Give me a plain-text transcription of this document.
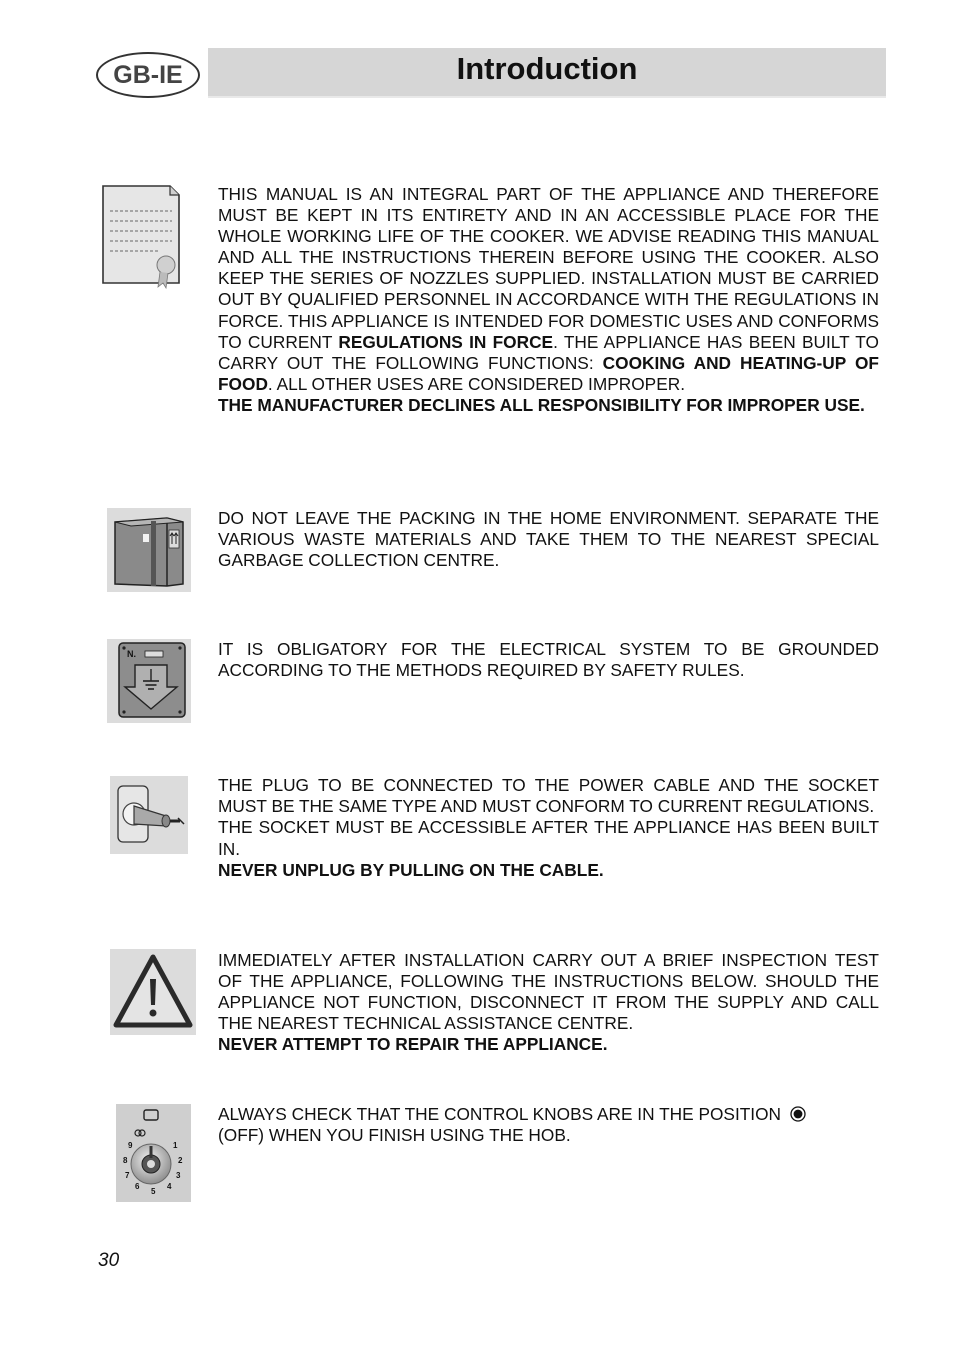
GB-IE	Introduction

THIS MANUAL IS AN INTEGRAL PART OF THE APPLIANCE AND THEREFORE MUST BE KEPT IN ITS ENTIRETY AND IN AN ACCESSIBLE PLACE FOR THE WHOLE WORKING LIFE OF THE COOKER. WE ADVISE READING THIS MANUAL AND ALL THE INSTRUCTIONS THEREIN BEFORE USING THE COOKER. ALSO KEEP THE SERIES OF NOZZLES SUPPLIED. INSTALLATION MUST BE CARRIED OUT BY QUALIFIED PERSONNEL IN ACCORDANCE WITH THE REGULATIONS IN FORCE. THIS APPLIANCE IS INTENDED FOR DOMESTIC USES AND CONFORMS TO CURRENT REGULATIONS IN FORCE. THE APPLIANCE HAS BEEN BUILT TO CARRY OUT THE FOLLOWING FUNCTIONS: COOKING AND HEATING-UP OF FOOD. ALL OTHER USES ARE CONSIDERED IMPROPER.

THE MANUFACTURER DECLINES ALL RESPONSIBILITY FOR IMPROPER USE.

DO NOT LEAVE THE PACKING IN THE HOME ENVIRONMENT. SEPARATE THE VARIOUS WASTE MATERIALS AND TAKE THEM TO THE NEAREST SPECIAL GARBAGE COLLECTION CENTRE.

N.	IT IS OBLIGATORY FOR THE ELECTRICAL SYSTEM TO BE GROUNDED ACCORDING TO THE METHODS REQUIRED BY SAFETY RULES.

THE PLUG TO BE CONNECTED TO THE POWER CABLE AND THE SOCKET MUST BE THE SAME TYPE AND MUST CONFORM TO CURRENT REGULATIONS.

THE SOCKET MUST BE ACCESSIBLE AFTER THE APPLIANCE HAS BEEN BUILT IN.

NEVER UNPLUG BY PULLING ON THE CABLE.

IMMEDIATELY AFTER INSTALLATION CARRY OUT A BRIEF INSPECTION TEST OF THE APPLIANCE, FOLLOWING THE INSTRUCTIONS BELOW. SHOULD THE APPLIANCE NOT FUNCTION, DISCONNECT IT FROM THE SUPPLY AND CALL THE NEAREST TECHNICAL ASSISTANCE CENTRE.

NEVER ATTEMPT TO REPAIR THE APPLIANCE.

1
2
3
4
5
6
7
8
9

ALWAYS CHECK THAT THE CONTROL KNOBS ARE IN THE POSITION
(OFF) WHEN YOU FINISH USING THE HOB.

30
